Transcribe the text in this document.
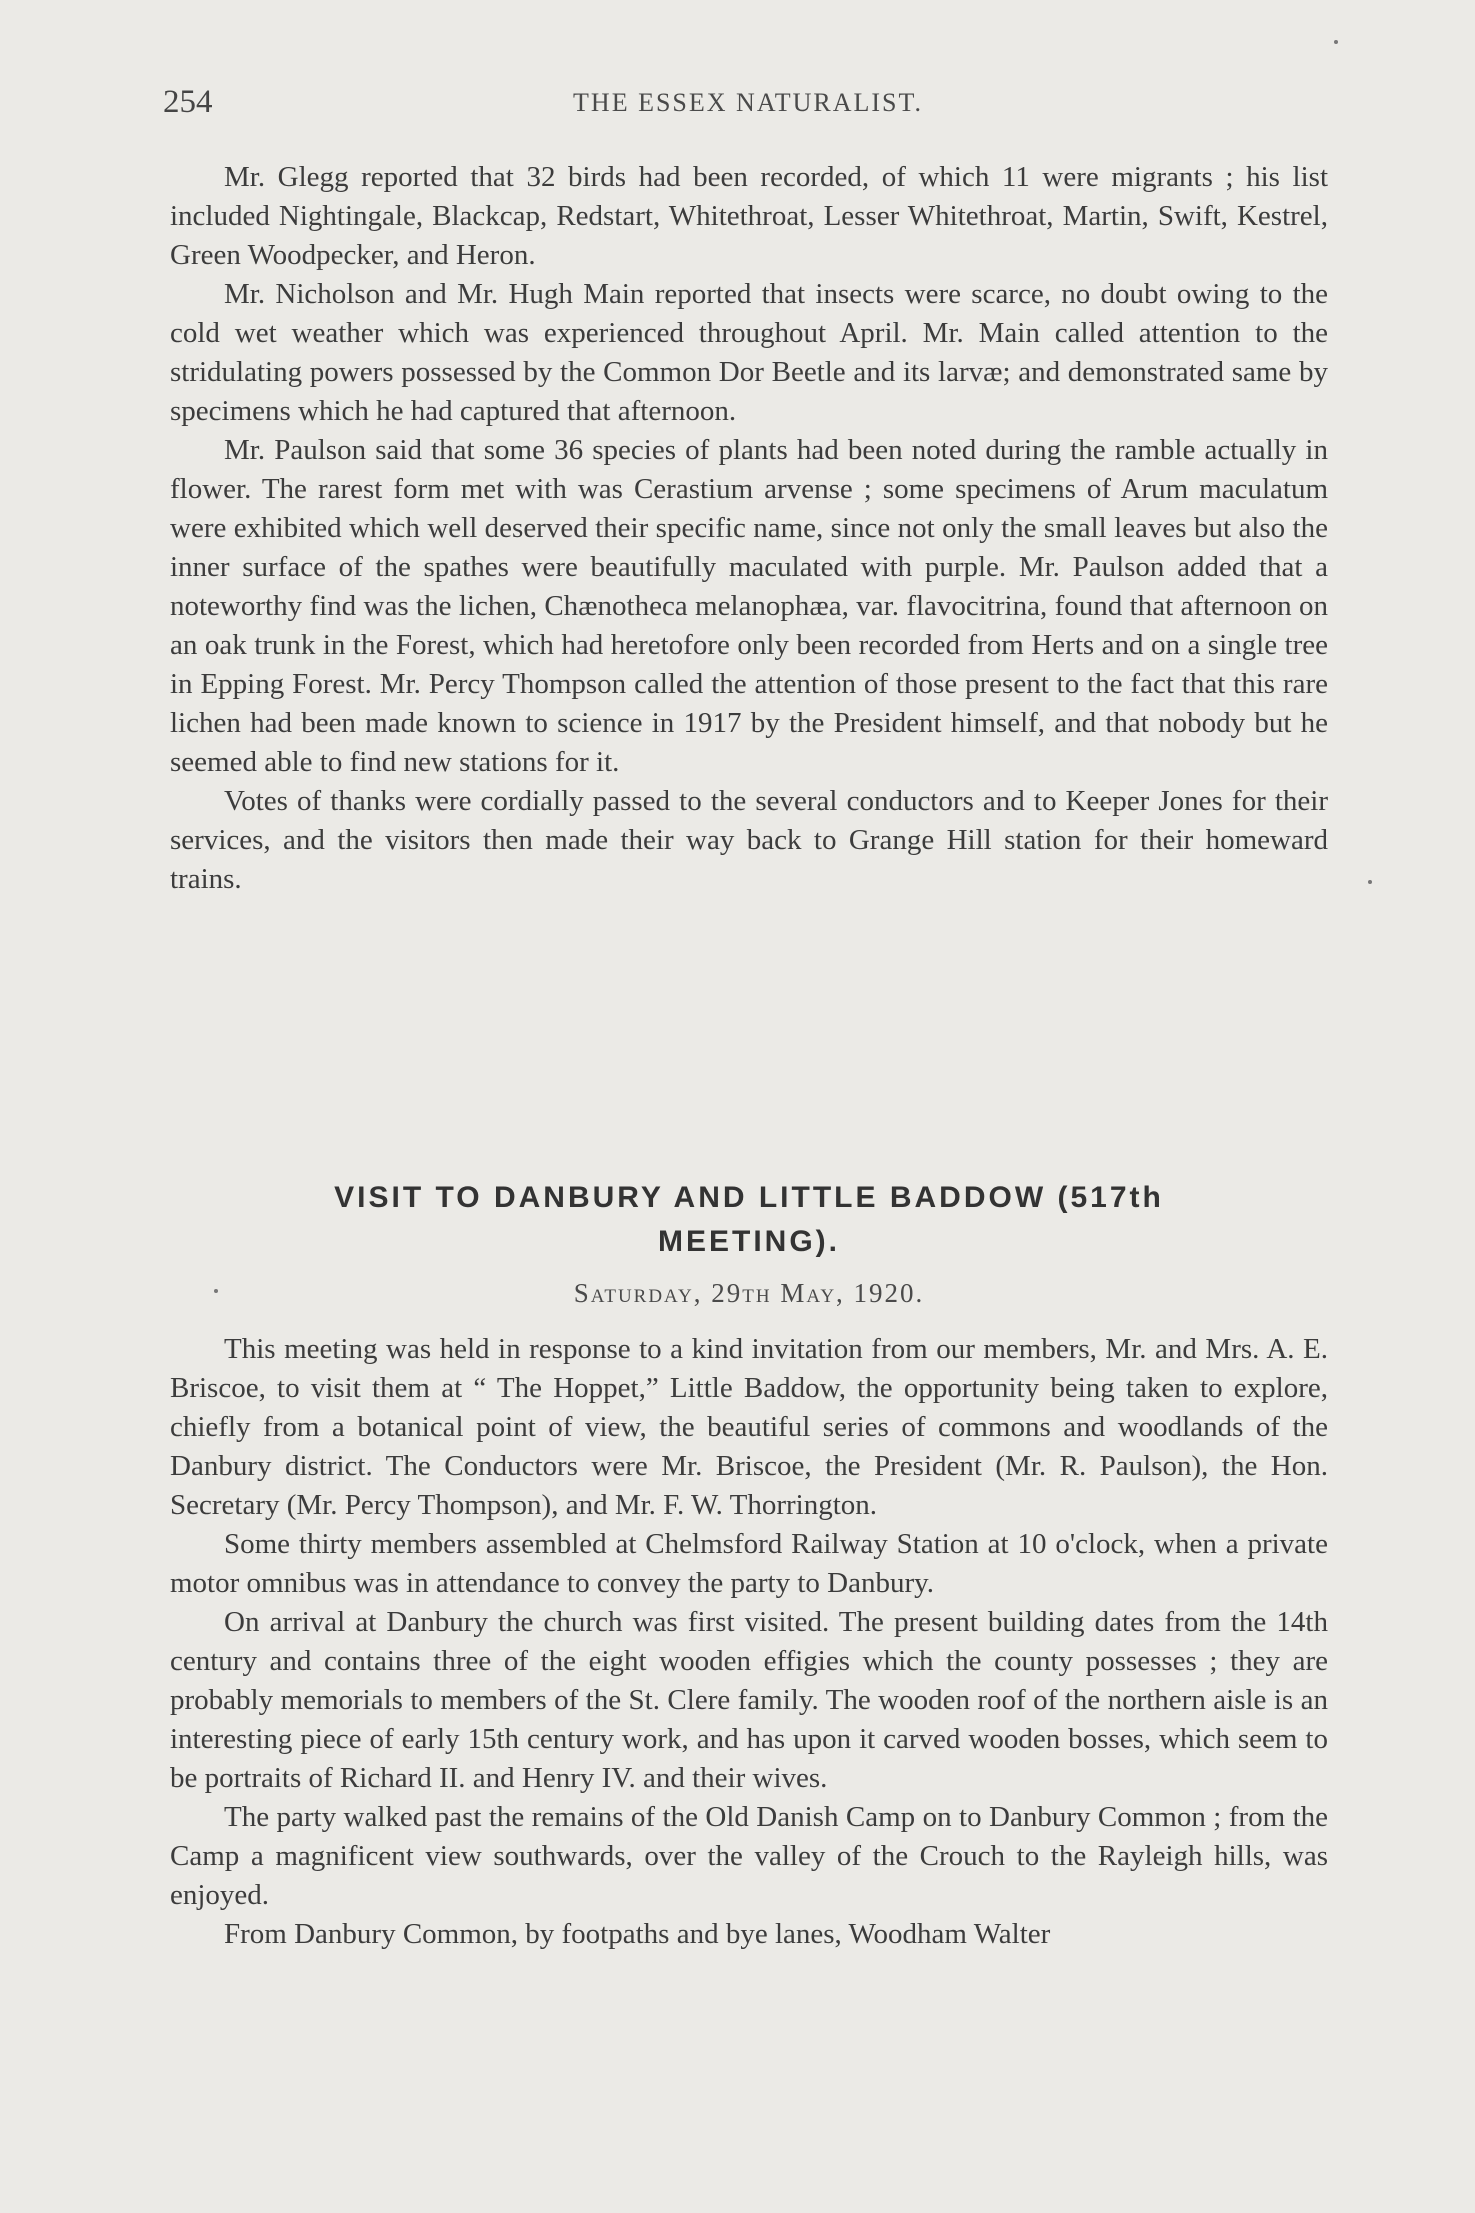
254	THE ESSEX NATURALIST.

Mr. Glegg reported that 32 birds had been recorded, of which 11 were migrants ; his list included Nightingale, Blackcap, Redstart, Whitethroat, Lesser Whitethroat, Martin, Swift, Kestrel, Green Woodpecker, and Heron.

Mr. Nicholson and Mr. Hugh Main reported that insects were scarce, no doubt owing to the cold wet weather which was experienced throughout April. Mr. Main called attention to the stridulating powers possessed by the Common Dor Beetle and its larvæ; and demonstrated same by specimens which he had captured that afternoon.

Mr. Paulson said that some 36 species of plants had been noted during the ramble actually in flower. The rarest form met with was Cerastium arvense ; some specimens of Arum maculatum were exhibited which well deserved their specific name, since not only the small leaves but also the inner surface of the spathes were beautifully maculated with purple. Mr. Paulson added that a noteworthy find was the lichen, Chænotheca melanophæa, var. flavocitrina, found that afternoon on an oak trunk in the Forest, which had heretofore only been recorded from Herts and on a single tree in Epping Forest. Mr. Percy Thompson called the attention of those present to the fact that this rare lichen had been made known to science in 1917 by the President himself, and that nobody but he seemed able to find new stations for it.

Votes of thanks were cordially passed to the several conductors and to Keeper Jones for their services, and the visitors then made their way back to Grange Hill station for their homeward trains.

VISIT TO DANBURY AND LITTLE BADDOW (517th
MEETING).
Saturday, 29th May, 1920.

This meeting was held in response to a kind invitation from our members, Mr. and Mrs. A. E. Briscoe, to visit them at “ The Hoppet,” Little Baddow, the opportunity being taken to explore, chiefly from a botanical point of view, the beautiful series of commons and woodlands of the Danbury district. The Conductors were Mr. Briscoe, the President (Mr. R. Paulson), the Hon. Secretary (Mr. Percy Thompson), and Mr. F. W. Thorrington.

Some thirty members assembled at Chelmsford Railway Station at 10 o'clock, when a private motor omnibus was in attendance to convey the party to Danbury.

On arrival at Danbury the church was first visited. The present building dates from the 14th century and contains three of the eight wooden effigies which the county possesses ; they are probably memorials to members of the St. Clere family. The wooden roof of the northern aisle is an interesting piece of early 15th century work, and has upon it carved wooden bosses, which seem to be portraits of Richard II. and Henry IV. and their wives.

The party walked past the remains of the Old Danish Camp on to Danbury Common ; from the Camp a magnificent view southwards, over the valley of the Crouch to the Rayleigh hills, was enjoyed.

From Danbury Common, by footpaths and bye lanes, Woodham Walter
